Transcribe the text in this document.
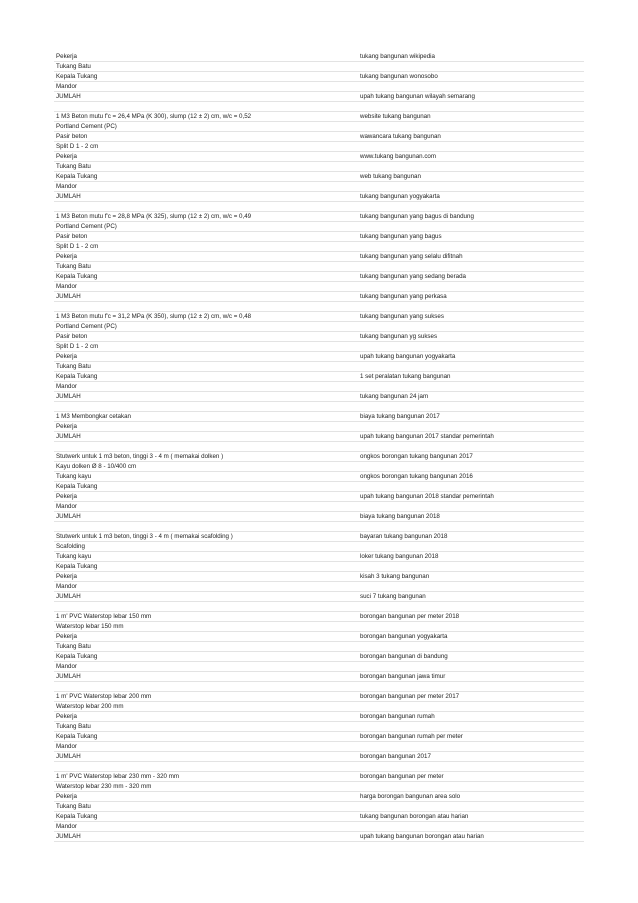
Pekerja	tukang bangunan wikipedia
Tukang Batu
Kepala Tukang	tukang bangunan wonosobo
Mandor
JUMLAH	upah tukang bangunan wilayah semarang
1 M3 Beton mutu f'c = 26,4 MPa (K 300), slump (12 ± 2) cm, w/c = 0,52	website tukang bangunan
Portland Cement (PC)
Pasir beton	wawancara tukang bangunan
Split D 1 - 2 cm
Pekerja	www.tukang bangunan.com
Tukang Batu
Kepala Tukang	web tukang bangunan
Mandor
JUMLAH	tukang bangunan yogyakarta
1 M3 Beton mutu f'c = 28,8 MPa (K 325), slump (12 ± 2) cm, w/c = 0,49	tukang bangunan yang bagus di bandung
Portland Cement (PC)
Pasir beton	tukang bangunan yang bagus
Split D 1 - 2 cm
Pekerja	tukang bangunan yang selalu difitnah
Tukang Batu
Kepala Tukang	tukang bangunan yang sedang berada
Mandor
JUMLAH	tukang bangunan yang perkasa
1 M3 Beton mutu f'c = 31,2 MPa (K 350), slump (12 ± 2) cm, w/c = 0,48	tukang bangunan yang sukses
Portland Cement (PC)
Pasir beton	tukang bangunan yg sukses
Split D 1 - 2 cm
Pekerja	upah tukang bangunan yogyakarta
Tukang Batu
Kepala Tukang	1 set peralatan tukang bangunan
Mandor
JUMLAH	tukang bangunan 24 jam
1 M3 Membongkar cetakan	biaya tukang bangunan 2017
Pekerja
JUMLAH	upah tukang bangunan 2017 standar pemerintah
Stutwerk untuk 1 m3 beton, tinggi 3 - 4 m ( memakai dolken )	ongkos borongan tukang bangunan 2017
Kayu dolken Ø 8 - 10/400 cm
Tukang kayu	ongkos borongan tukang bangunan 2016
Kepala Tukang
Pekerja	upah tukang bangunan 2018 standar pemerintah
Mandor
JUMLAH	biaya tukang bangunan 2018
Stutwerk untuk 1 m3 beton, tinggi 3 - 4 m ( memakai scafolding )	bayaran tukang bangunan 2018
Scafolding
Tukang kayu	loker tukang bangunan 2018
Kepala Tukang
Pekerja	kisah 3 tukang bangunan
Mandor
JUMLAH	suci 7 tukang bangunan
1 m' PVC Waterstop lebar 150 mm	borongan bangunan per meter 2018
Waterstop lebar 150 mm
Pekerja	borongan bangunan yogyakarta
Tukang Batu
Kepala Tukang	borongan bangunan di bandung
Mandor
JUMLAH	borongan bangunan jawa timur
1 m' PVC Waterstop lebar 200 mm	borongan bangunan per meter 2017
Waterstop lebar 200 mm
Pekerja	borongan bangunan rumah
Tukang Batu
Kepala Tukang	borongan bangunan rumah per meter
Mandor
JUMLAH	borongan bangunan 2017
1 m' PVC Waterstop lebar 230 mm - 320 mm	borongan bangunan per meter
Waterstop lebar 230 mm - 320 mm
Pekerja	harga borongan bangunan area solo
Tukang Batu
Kepala Tukang	tukang bangunan borongan atau harian
Mandor
JUMLAH	upah tukang bangunan borongan atau harian
